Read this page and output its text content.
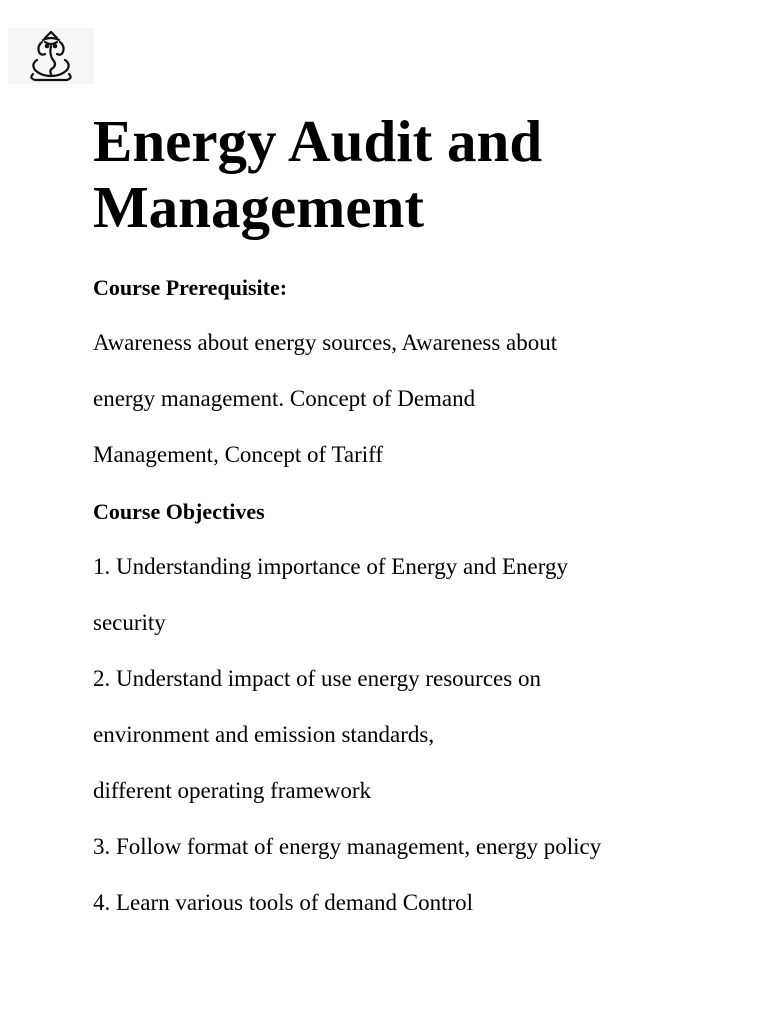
Energy Audit and
Management

Course Prerequisite:

Awareness about energy sources, Awareness about

energy management. Concept of Demand

Management, Concept of Tariff

Course Objectives

1. Understanding importance of Energy and Energy

security

2. Understand impact of use energy resources on

environment and emission standards,

different operating framework

3. Follow format of energy management, energy policy

4. Learn various tools of demand Control
